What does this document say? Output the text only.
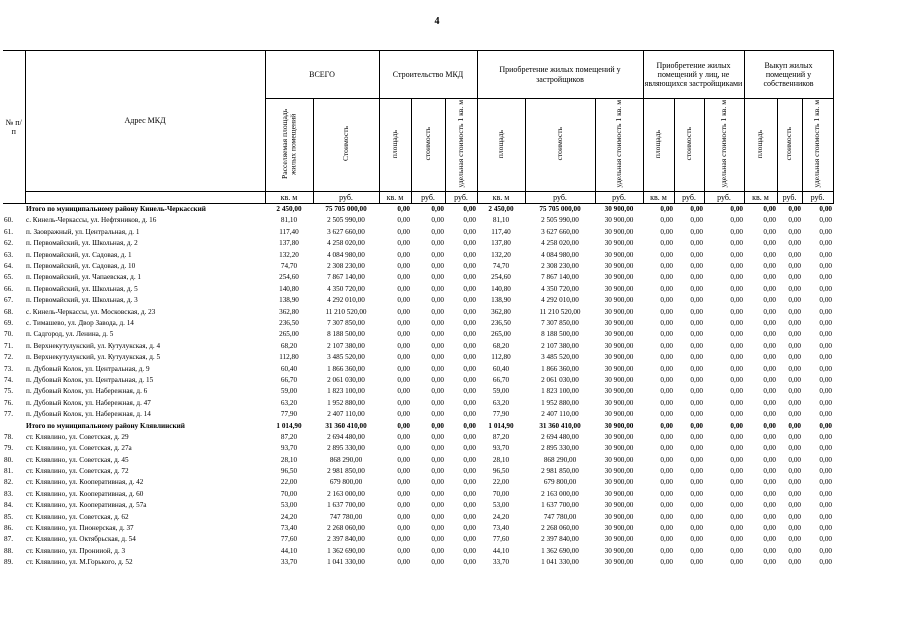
4
№ п/п	Адрес МКД	ВСЕГО		Строительство МКД			Приобретение жилых помещений у застройщиков			Приобретение жилых помещений у лиц, не являющихся застройщиками			Выкуп жилых помещений у собственников		
		Расселяемая площадь жилых помещений	Стоимость	площадь	стоимость	удельная стоимость 1 кв. м	площадь	стоимость	удельная стоимость 1 кв. м	площадь	стоимость	удельная стоимость 1 кв. м	площадь	стоимость	удельная стоимость 1 кв. м
		кв. м	руб.	кв. м	руб.	руб.	кв. м	руб.	руб.	кв. м	руб.	руб.	кв. м	руб.	руб.
	Итого по муниципальному району Кинель-Черкасский	2 450,00	75 705 000,00	0,00	0,00	0,00	2 450,00	75 705 000,00	30 900,00	0,00	0,00	0,00	0,00	0,00	0,00
60.	с. Кинель-Черкассы, ул. Нефтяников, д. 16	81,10	2 505 990,00	0,00	0,00	0,00	81,10	2 505 990,00	30 900,00	0,00	0,00	0,00	0,00	0,00	0,00
61.	п. Заовражный, ул. Центральная, д. 1	117,40	3 627 660,00	0,00	0,00	0,00	117,40	3 627 660,00	30 900,00	0,00	0,00	0,00	0,00	0,00	0,00
62.	п. Первомайский, ул. Школьная, д. 2	137,80	4 258 020,00	0,00	0,00	0,00	137,80	4 258 020,00	30 900,00	0,00	0,00	0,00	0,00	0,00	0,00
63.	п. Первомайский, ул. Садовая, д. 1	132,20	4 084 980,00	0,00	0,00	0,00	132,20	4 084 980,00	30 900,00	0,00	0,00	0,00	0,00	0,00	0,00
64.	п. Первомайский, ул. Садовая, д. 10	74,70	2 308 230,00	0,00	0,00	0,00	74,70	2 308 230,00	30 900,00	0,00	0,00	0,00	0,00	0,00	0,00
65.	п. Первомайский, ул. Чапаевская, д. 1	254,60	7 867 140,00	0,00	0,00	0,00	254,60	7 867 140,00	30 900,00	0,00	0,00	0,00	0,00	0,00	0,00
66.	п. Первомайский, ул. Школьная, д. 5	140,80	4 350 720,00	0,00	0,00	0,00	140,80	4 350 720,00	30 900,00	0,00	0,00	0,00	0,00	0,00	0,00
67.	п. Первомайский, ул. Школьная, д. 3	138,90	4 292 010,00	0,00	0,00	0,00	138,90	4 292 010,00	30 900,00	0,00	0,00	0,00	0,00	0,00	0,00
68.	с. Кинель-Черкассы, ул. Московская, д. 23	362,80	11 210 520,00	0,00	0,00	0,00	362,80	11 210 520,00	30 900,00	0,00	0,00	0,00	0,00	0,00	0,00
69.	с. Тимашево, ул. Двор Завода, д. 14	236,50	7 307 850,00	0,00	0,00	0,00	236,50	7 307 850,00	30 900,00	0,00	0,00	0,00	0,00	0,00	0,00
70.	п. Садгород, ул. Ленина, д. 5	265,00	8 188 500,00	0,00	0,00	0,00	265,00	8 188 500,00	30 900,00	0,00	0,00	0,00	0,00	0,00	0,00
71.	п. Верхнекутулукский, ул. Кутулукская, д. 4	68,20	2 107 380,00	0,00	0,00	0,00	68,20	2 107 380,00	30 900,00	0,00	0,00	0,00	0,00	0,00	0,00
72.	п. Верхнекутулукский, ул. Кутулукская, д. 5	112,80	3 485 520,00	0,00	0,00	0,00	112,80	3 485 520,00	30 900,00	0,00	0,00	0,00	0,00	0,00	0,00
73.	п. Дубовый Колок, ул. Центральная, д. 9	60,40	1 866 360,00	0,00	0,00	0,00	60,40	1 866 360,00	30 900,00	0,00	0,00	0,00	0,00	0,00	0,00
74.	п. Дубовый Колок, ул. Центральная, д. 15	66,70	2 061 030,00	0,00	0,00	0,00	66,70	2 061 030,00	30 900,00	0,00	0,00	0,00	0,00	0,00	0,00
75.	п. Дубовый Колок, ул. Набережная, д. 6	59,00	1 823 100,00	0,00	0,00	0,00	59,00	1 823 100,00	30 900,00	0,00	0,00	0,00	0,00	0,00	0,00
76.	п. Дубовый Колок, ул. Набережная, д. 47	63,20	1 952 880,00	0,00	0,00	0,00	63,20	1 952 880,00	30 900,00	0,00	0,00	0,00	0,00	0,00	0,00
77.	п. Дубовый Колок, ул. Набережная, д. 14	77,90	2 407 110,00	0,00	0,00	0,00	77,90	2 407 110,00	30 900,00	0,00	0,00	0,00	0,00	0,00	0,00
	Итого по муниципальному району Клявлинский	1 014,90	31 360 410,00	0,00	0,00	0,00	1 014,90	31 360 410,00	30 900,00	0,00	0,00	0,00	0,00	0,00	0,00
78.	ст. Клявлино, ул. Советская, д. 29	87,20	2 694 480,00	0,00	0,00	0,00	87,20	2 694 480,00	30 900,00	0,00	0,00	0,00	0,00	0,00	0,00
79.	ст. Клявлино, ул. Советская, д. 27а	93,70	2 895 330,00	0,00	0,00	0,00	93,70	2 895 330,00	30 900,00	0,00	0,00	0,00	0,00	0,00	0,00
80.	ст. Клявлино, ул. Советская, д. 45	28,10	868 290,00	0,00	0,00	0,00	28,10	868 290,00	30 900,00	0,00	0,00	0,00	0,00	0,00	0,00
81.	ст. Клявлино, ул. Советская, д. 72	96,50	2 981 850,00	0,00	0,00	0,00	96,50	2 981 850,00	30 900,00	0,00	0,00	0,00	0,00	0,00	0,00
82.	ст. Клявлино, ул. Кооперативная, д. 42	22,00	679 800,00	0,00	0,00	0,00	22,00	679 800,00	30 900,00	0,00	0,00	0,00	0,00	0,00	0,00
83.	ст. Клявлино, ул. Кооперативная, д. 60	70,00	2 163 000,00	0,00	0,00	0,00	70,00	2 163 000,00	30 900,00	0,00	0,00	0,00	0,00	0,00	0,00
84.	ст. Клявлино, ул. Кооперативная, д. 57а	53,00	1 637 700,00	0,00	0,00	0,00	53,00	1 637 700,00	30 900,00	0,00	0,00	0,00	0,00	0,00	0,00
85.	ст. Клявлино, ул. Советская, д. 62	24,20	747 780,00	0,00	0,00	0,00	24,20	747 780,00	30 900,00	0,00	0,00	0,00	0,00	0,00	0,00
86.	ст. Клявлино, ул. Пионерская, д. 37	73,40	2 268 060,00	0,00	0,00	0,00	73,40	2 268 060,00	30 900,00	0,00	0,00	0,00	0,00	0,00	0,00
87.	ст. Клявлино, ул. Октябрьская, д. 54	77,60	2 397 840,00	0,00	0,00	0,00	77,60	2 397 840,00	30 900,00	0,00	0,00	0,00	0,00	0,00	0,00
88.	ст. Клявлино, ул. Пронииой, д. 3	44,10	1 362 690,00	0,00	0,00	0,00	44,10	1 362 690,00	30 900,00	0,00	0,00	0,00	0,00	0,00	0,00
89.	ст. Клявлино, ул. М.Горького, д. 52	33,70	1 041 330,00	0,00	0,00	0,00	33,70	1 041 330,00	30 900,00	0,00	0,00	0,00	0,00	0,00	0,00
